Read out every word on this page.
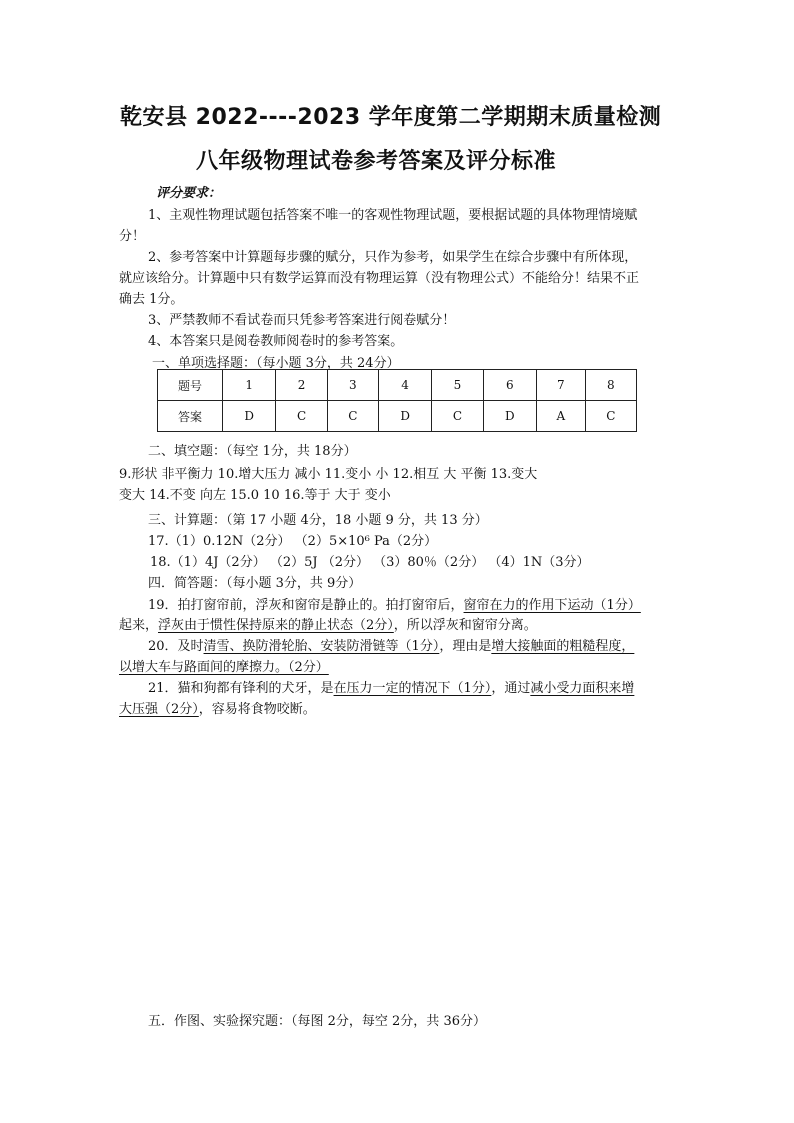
乾安县 2022----2023 学年度第二学期期末质量检测
八年级物理试卷参考答案及评分标准
评分要求：
1、主观性物理试题包括答案不唯一的客观性物理试题，要根据试题的具体物理情境赋
分！
2、参考答案中计算题每步骤的赋分，只作为参考，如果学生在综合步骤中有所体现，
就应该给分。计算题中只有数学运算而没有物理运算（没有物理公式）不能给分！结果不正
确去 1分。
3、严禁教师不看试卷而只凭参考答案进行阅卷赋分！
4、本答案只是阅卷教师阅卷时的参考答案。
一、单项选择题：（每小题 3分，共 24分）
题号	1	2	3	4	5	6	7	8
答案	D	C	C	D	C	D	A	C
二、填空题：（每空 1分，共 18分）
9.形状 非平衡力 10.增大压力 减小 11.变小 小 12.相互 大 平衡 13.变大
变大 14.不变 向左 15.0 10 16.等于 大于 变小
三、计算题：（第 17 小题 4分，18 小题 9 分，共 13 分）
17.（1）0.12N（2分） （2）5×10⁶ Pa（2分）
18.（1）4J（2分） （2）5J （2分） （3）80％（2分） （4）1N（3分）
四．简答题：（每小题 3分，共 9分）
19．拍打窗帘前，浮灰和窗帘是静止的。拍打窗帘后，窗帘在力的作用下运动（1分）
起来，浮灰由于惯性保持原来的静止状态（2分），所以浮灰和窗帘分离。
20．及时清雪、换防滑轮胎、安装防滑链等（1分），理由是增大接触面的粗糙程度，
以增大车与路面间的摩擦力。（2分）
21．猫和狗都有锋利的犬牙，是在压力一定的情况下（1分），通过减小受力面积来增
大压强（2分），容易将食物咬断。
五．作图、实验探究题：（每图 2分，每空 2分，共 36分）
